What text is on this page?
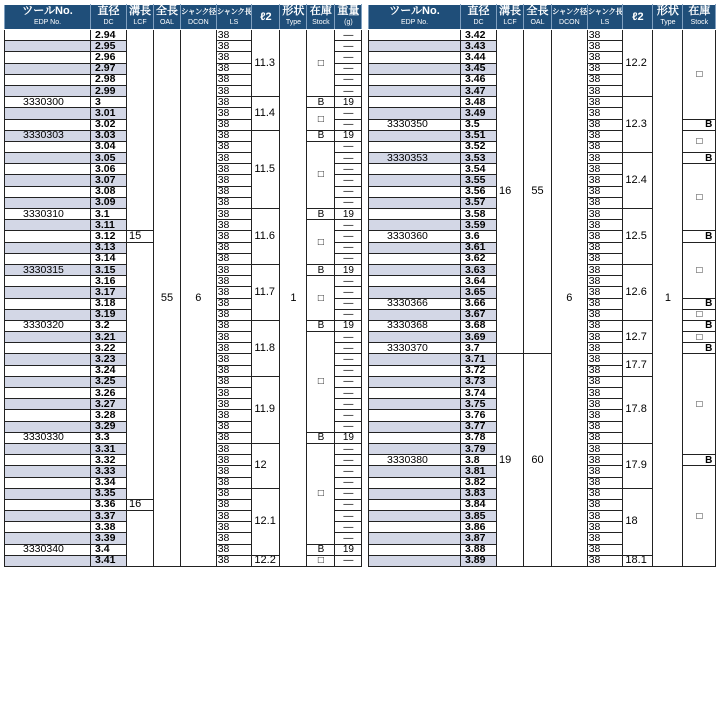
ツールNo.
EDP No.	直径
DC	溝長
LCF	全長
OAL	シャンク径
DCON	シャンク長
LS	ℓ2	形状
Type	在庫
Stock	重量
(g)

	2.94		55	6	38	11.3	1	□	—
	2.95				38				—
	2.96				38				—
	2.97				38				—
	2.98				38				—
	2.99				38				—
3330300	3				38	11.4		B	19
	3.01				38			□	—
	3.02				38				—
3330303	3.03				38	11.5		B	19
	3.04				38			□	—
	3.05				38				—
	3.06				38				—
	3.07				38				—
	3.08				38				—
	3.09				38				—
3330310	3.1				38	11.6		B	19
	3.11				38			□	—
	3.12	15			38				—
	3.13				38				—
	3.14				38				—
3330315	3.15				38	11.7		B	19
	3.16				38			□	—
	3.17				38				—
	3.18				38				—
	3.19				38				—
3330320	3.2				38	11.8		B	19
	3.21				38			□	—
	3.22				38				—
	3.23				38				—
	3.24				38				—
	3.25				38	11.9			—
	3.26				38				—
	3.27				38				—
	3.28				38				—
	3.29				38				—
3330330	3.3				38			B	19
	3.31				38	12		□	—
	3.32				38				—
	3.33				38				—
	3.34				38				—
	3.35				38	12.1			—
	3.36	16			38				—
	3.37				38				—
	3.38				38				—
	3.39				38				—
3330340	3.4				38			B	19
	3.41				38	12.2		□	—
ツールNo.
EDP No.	直径
DC	溝長
LCF	全長
OAL	シャンク径
DCON	シャンク長
LS	ℓ2	形状
Type	在庫
Stock

	3.42	16	55	6	38	12.2	1	□
	3.43				38			
	3.44				38			
	3.45				38			
	3.46				38			
	3.47				38			
	3.48				38	12.3		
	3.49				38			
3330350	3.5				38			B
	3.51				38			□
	3.52				38			
3330353	3.53				38	12.4		B
	3.54				38			□
	3.55				38			
	3.56				38			
	3.57				38			
	3.58				38	12.5		
	3.59				38			
3330360	3.6				38			B
	3.61				38			□
	3.62				38			
	3.63				38	12.6		
	3.64				38			
	3.65				38			
3330366	3.66				38			B
	3.67				38			□
3330368	3.68				38	12.7		B
	3.69				38			□
3330370	3.7				38			B
	3.71	19	60		38	17.7		□
	3.72				38			
	3.73				38	17.8		
	3.74				38			
	3.75				38			
	3.76				38			
	3.77				38			
	3.78				38			
	3.79				38	17.9		
3330380	3.8				38			B
	3.81				38			□
	3.82				38			
	3.83				38	18		
	3.84				38			
	3.85				38			
	3.86				38			
	3.87				38			
	3.88				38			
	3.89				38	18.1		
